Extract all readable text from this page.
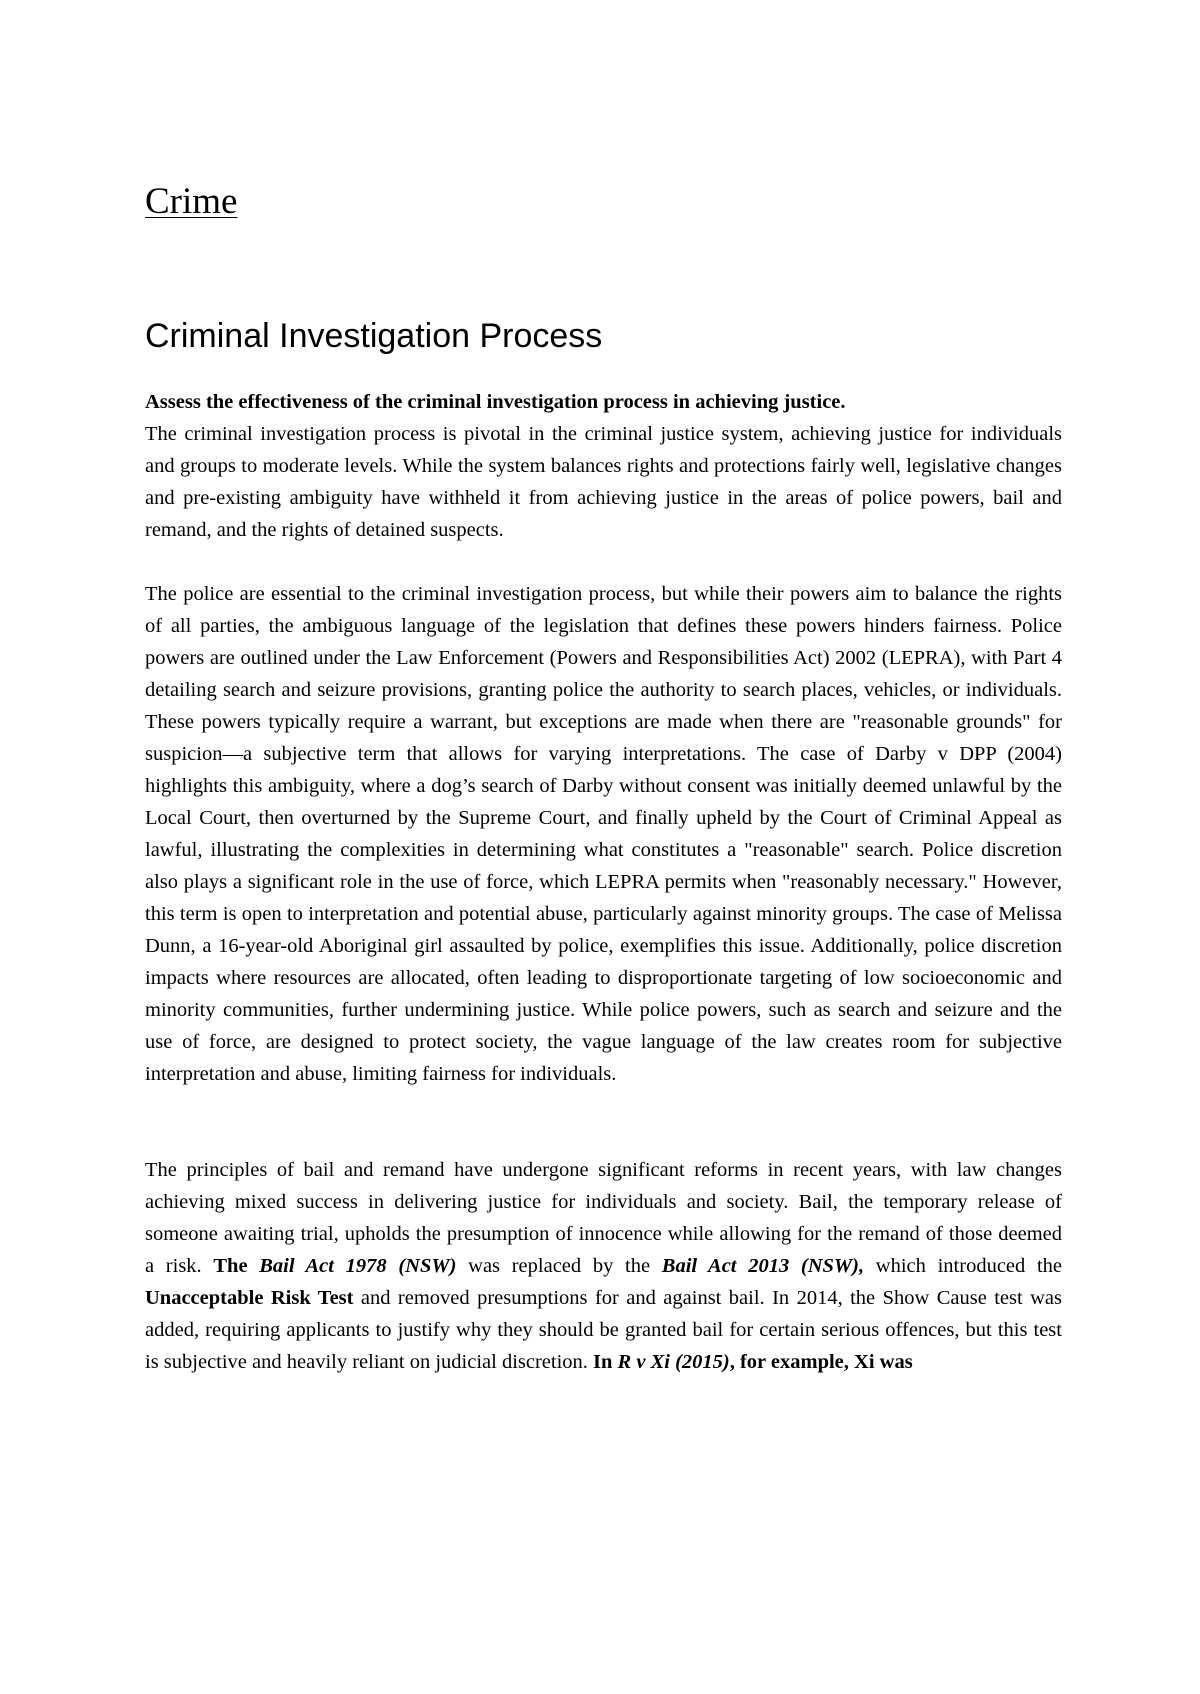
Crime
Criminal Investigation Process

Assess the effectiveness of the criminal investigation process in achieving justice.

The criminal investigation process is pivotal in the criminal justice system, achieving justice for individuals and groups to moderate levels. While the system balances rights and protections fairly well, legislative changes and pre-existing ambiguity have withheld it from achieving justice in the areas of police powers, bail and remand, and the rights of detained suspects.

The police are essential to the criminal investigation process, but while their powers aim to balance the rights of all parties, the ambiguous language of the legislation that defines these powers hinders fairness. Police powers are outlined under the Law Enforcement (Powers and Responsibilities Act) 2002 (LEPRA), with Part 4 detailing search and seizure provisions, granting police the authority to search places, vehicles, or individuals. These powers typically require a warrant, but exceptions are made when there are "reasonable grounds" for suspicion—a subjective term that allows for varying interpretations. The case of Darby v DPP (2004) highlights this ambiguity, where a dog’s search of Darby without consent was initially deemed unlawful by the Local Court, then overturned by the Supreme Court, and finally upheld by the Court of Criminal Appeal as lawful, illustrating the complexities in determining what constitutes a "reasonable" search. Police discretion also plays a significant role in the use of force, which LEPRA permits when "reasonably necessary." However, this term is open to interpretation and potential abuse, particularly against minority groups. The case of Melissa Dunn, a 16-year-old Aboriginal girl assaulted by police, exemplifies this issue. Additionally, police discretion impacts where resources are allocated, often leading to disproportionate targeting of low socioeconomic and minority communities, further undermining justice. While police powers, such as search and seizure and the use of force, are designed to protect society, the vague language of the law creates room for subjective interpretation and abuse, limiting fairness for individuals.

The principles of bail and remand have undergone significant reforms in recent years, with law changes achieving mixed success in delivering justice for individuals and society. Bail, the temporary release of someone awaiting trial, upholds the presumption of innocence while allowing for the remand of those deemed a risk. The Bail Act 1978 (NSW) was replaced by the Bail Act 2013 (NSW), which introduced the Unacceptable Risk Test and removed presumptions for and against bail. In 2014, the Show Cause test was added, requiring applicants to justify why they should be granted bail for certain serious offences, but this test is subjective and heavily reliant on judicial discretion. In R v Xi (2015), for example, Xi was
